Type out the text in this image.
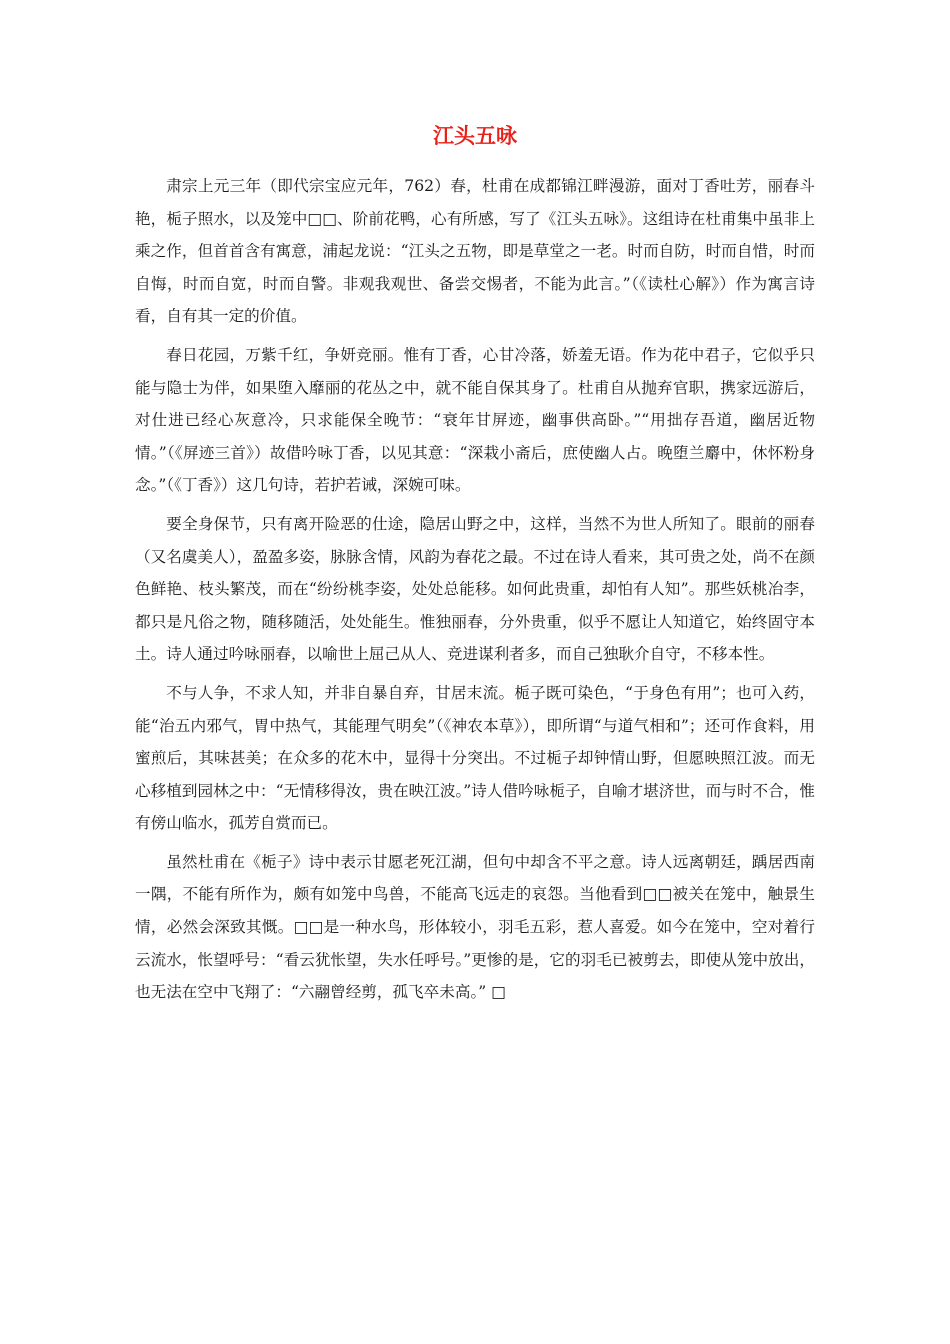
江头五咏

肃宗上元三年（即代宗宝应元年，762）春，杜甫在成都锦江畔漫游，面对丁香吐芳，丽春斗艳，栀子照水，以及笼中□□、阶前花鸭，心有所感，写了《江头五咏》。这组诗在杜甫集中虽非上乘之作，但首首含有寓意，浦起龙说：“江头之五物，即是草堂之一老。时而自防，时而自惜，时而自悔，时而自宽，时而自警。非观我观世、备尝交惕者，不能为此言。”（《读杜心解》）作为寓言诗看，自有其一定的价值。

春日花园，万紫千红，争妍竞丽。惟有丁香，心甘冷落，娇羞无语。作为花中君子，它似乎只能与隐士为伴，如果堕入靡丽的花丛之中，就不能自保其身了。杜甫自从抛弃官职，携家远游后，对仕进已经心灰意冷，只求能保全晚节：“衰年甘屏迹，幽事供高卧。”“用拙存吾道，幽居近物情。”（《屏迹三首》）故借吟咏丁香，以见其意：“深栽小斋后，庶使幽人占。晚堕兰麝中，休怀粉身念。”（《丁香》）这几句诗，若护若诫，深婉可味。

要全身保节，只有离开险恶的仕途，隐居山野之中，这样，当然不为世人所知了。眼前的丽春（又名虞美人），盈盈多姿，脉脉含情，风韵为春花之最。不过在诗人看来，其可贵之处，尚不在颜色鲜艳、枝头繁茂，而在“纷纷桃李姿，处处总能移。如何此贵重，却怕有人知”。那些妖桃冶李，都只是凡俗之物，随移随活，处处能生。惟独丽春，分外贵重，似乎不愿让人知道它，始终固守本土。诗人通过吟咏丽春，以喻世上屈己从人、竞进谋利者多，而自己独耿介自守，不移本性。

不与人争，不求人知，并非自暴自弃，甘居末流。栀子既可染色，“于身色有用”；也可入药，能“治五内邪气，胃中热气，其能理气明矣”（《神农本草》），即所谓“与道气相和”；还可作食料，用蜜煎后，其味甚美；在众多的花木中，显得十分突出。不过栀子却钟情山野，但愿映照江波。而无心移植到园林之中：“无情移得汝，贵在映江波。”诗人借吟咏栀子，自喻才堪济世，而与时不合，惟有傍山临水，孤芳自赏而已。

虽然杜甫在《栀子》诗中表示甘愿老死江湖，但句中却含不平之意。诗人远离朝廷，踽居西南一隅，不能有所作为，颇有如笼中鸟兽，不能高飞远走的哀怨。当他看到□□被关在笼中，触景生情，必然会深致其慨。□□是一种水鸟，形体较小，羽毛五彩，惹人喜爱。如今在笼中，空对着行云流水，怅望呼号：“看云犹怅望，失水任呼号。”更惨的是，它的羽毛已被剪去，即使从笼中放出，也无法在空中飞翔了：“六翮曾经剪，孤飞卒未高。” □
